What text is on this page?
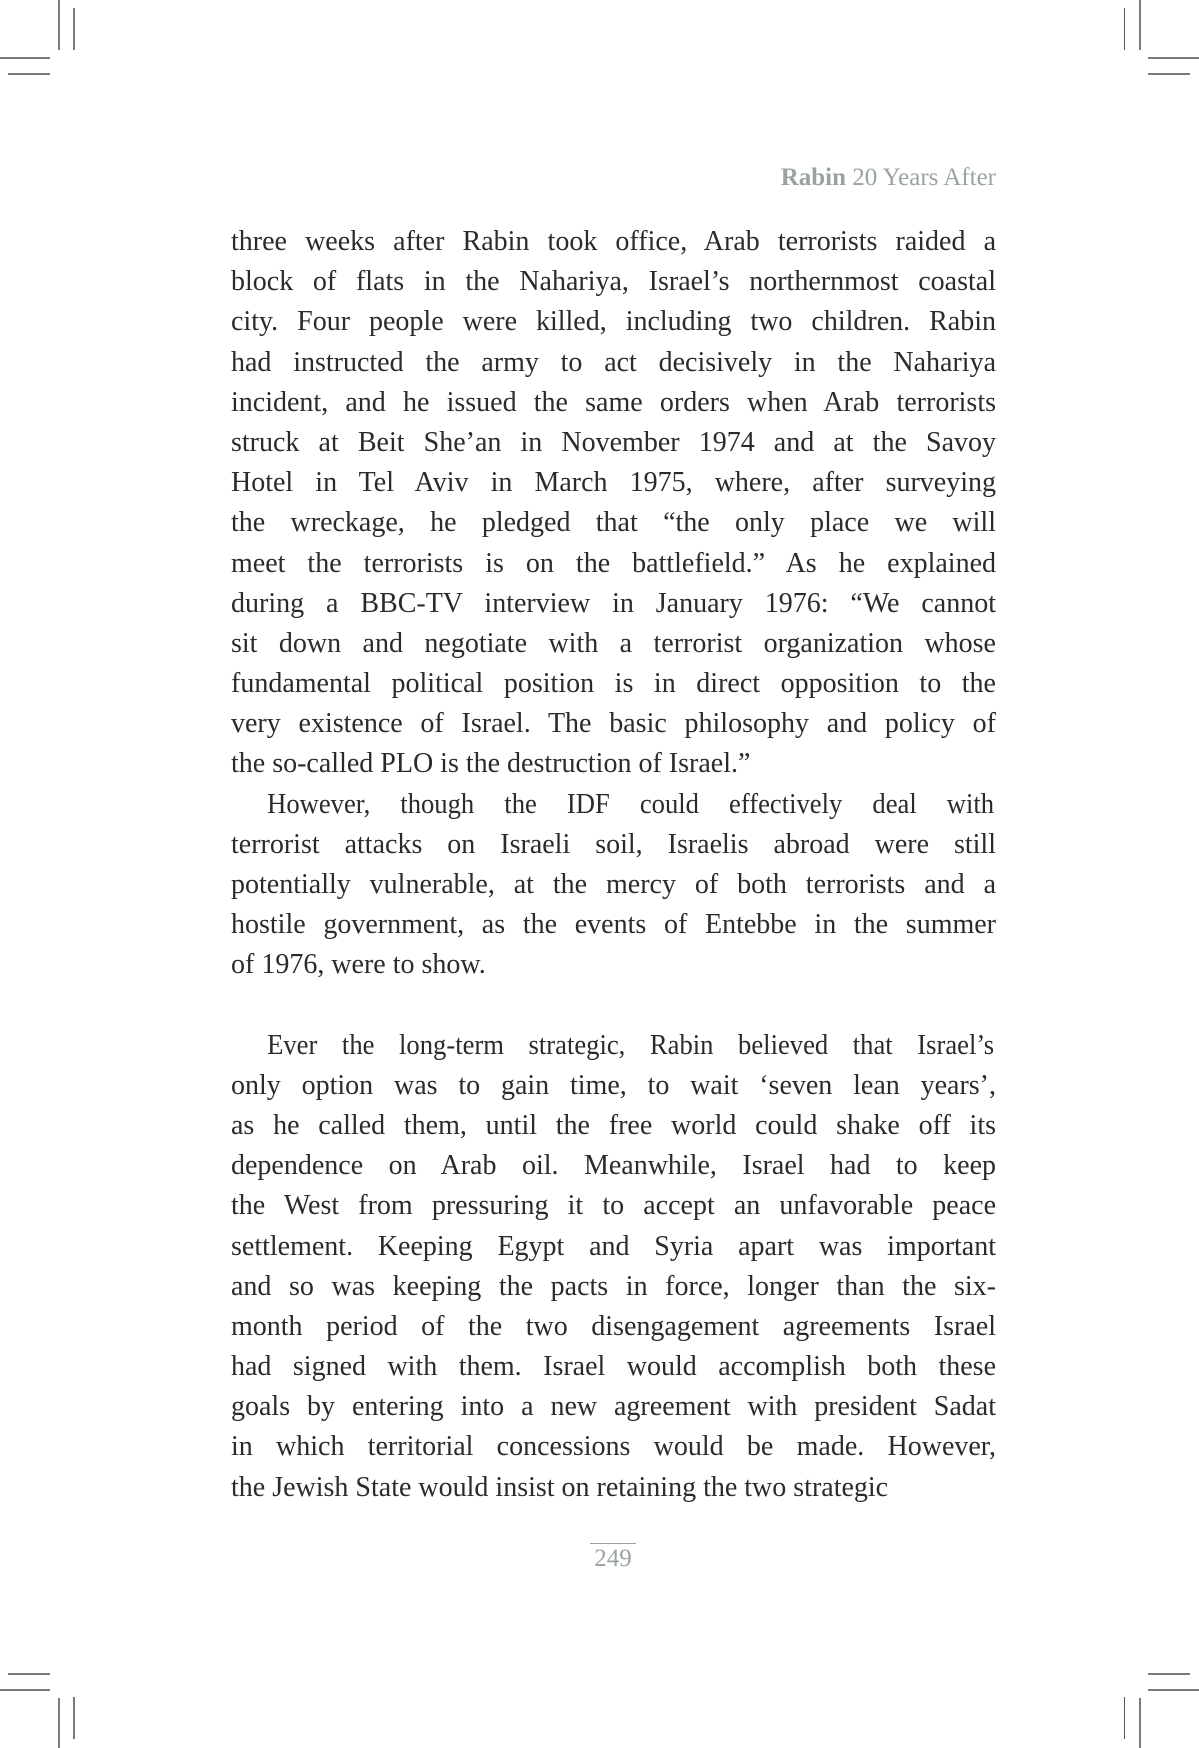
Rabin 20 Years After
three weeks after Rabin took office, Arab terrorists raided a
block of flats in the Nahariya, Israel’s northernmost coastal
city. Four people were killed, including two children. Rabin
had instructed the army to act decisively in the Nahariya
incident, and he issued the same orders when Arab terrorists
struck at Beit She’an in November 1974 and at the Savoy
Hotel in Tel Aviv in March 1975, where, after surveying
the wreckage, he pledged that “the only place we will
meet the terrorists is on the battlefield.” As he explained
during a BBC-TV interview in January 1976: “We cannot
sit down and negotiate with a terrorist organization whose
fundamental political position is in direct opposition to the
very existence of Israel. The basic philosophy and policy of
the so-called PLO is the destruction of Israel.”
However, though the IDF could effectively deal with
terrorist attacks on Israeli soil, Israelis abroad were still
potentially vulnerable, at the mercy of both terrorists and a
hostile government, as the events of Entebbe in the summer
of 1976, were to show.
Ever the long-term strategic, Rabin believed that Israel’s
only option was to gain time, to wait ‘seven lean years’,
as he called them, until the free world could shake off its
dependence on Arab oil. Meanwhile, Israel had to keep
the West from pressuring it to accept an unfavorable peace
settlement. Keeping Egypt and Syria apart was important
and so was keeping the pacts in force, longer than the six-
month period of the two disengagement agreements Israel
had signed with them. Israel would accomplish both these
goals by entering into a new agreement with president Sadat
in which territorial concessions would be made. However,
the Jewish State would insist on retaining the two strategic
249
